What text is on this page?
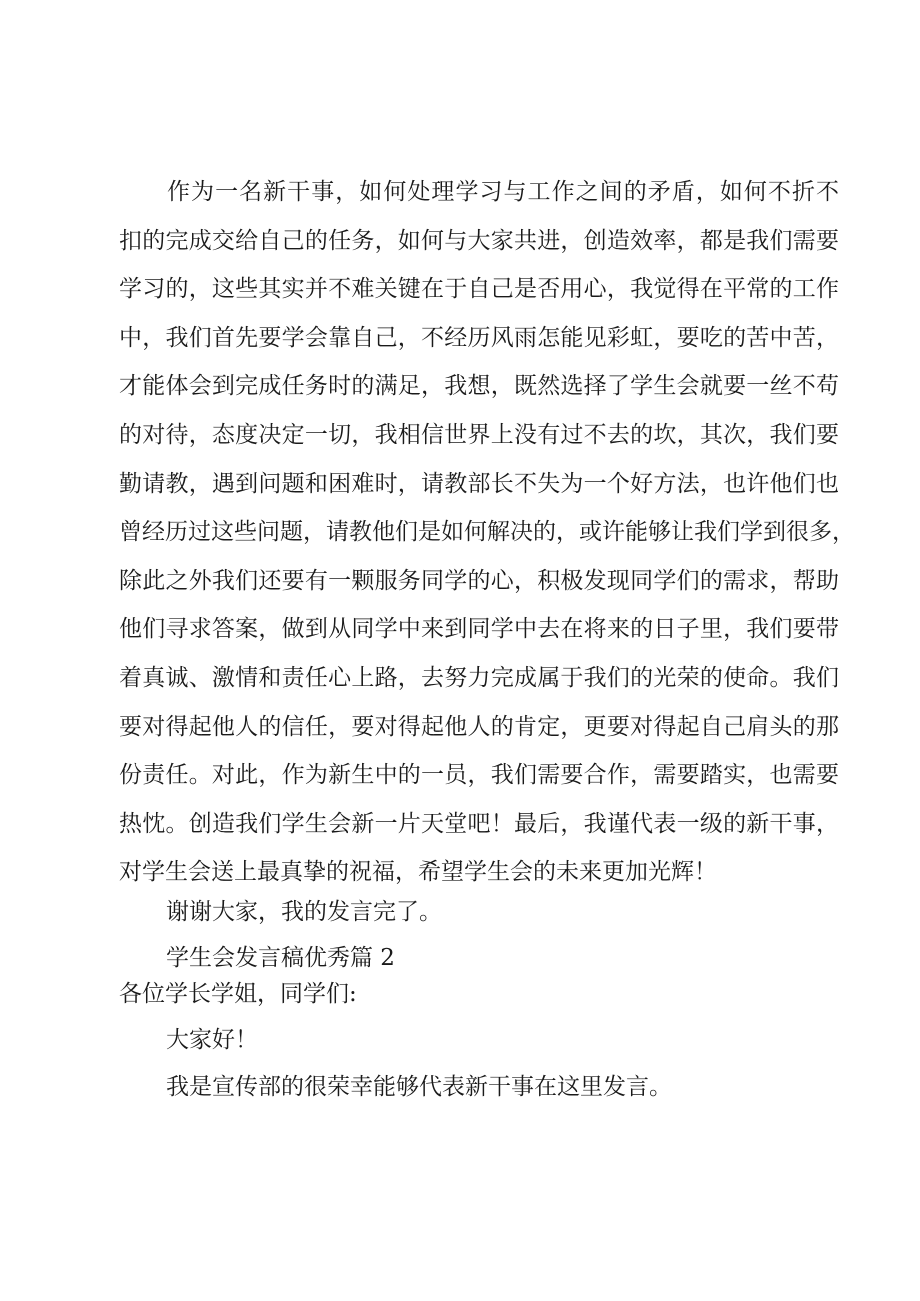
作为一名新干事，如何处理学习与工作之间的矛盾，如何不折不
扣的完成交给自己的任务，如何与大家共进，创造效率，都是我们需要
学习的，这些其实并不难关键在于自己是否用心，我觉得在平常的工作
中，我们首先要学会靠自己，不经历风雨怎能见彩虹，要吃的苦中苦，
才能体会到完成任务时的满足，我想，既然选择了学生会就要一丝不苟
的对待，态度决定一切，我相信世界上没有过不去的坎，其次，我们要
勤请教，遇到问题和困难时，请教部长不失为一个好方法，也许他们也
曾经历过这些问题，请教他们是如何解决的，或许能够让我们学到很多，
除此之外我们还要有一颗服务同学的心，积极发现同学们的需求，帮助
他们寻求答案，做到从同学中来到同学中去在将来的日子里，我们要带
着真诚、激情和责任心上路，去努力完成属于我们的光荣的使命。我们
要对得起他人的信任，要对得起他人的肯定，更要对得起自己肩头的那
份责任。对此，作为新生中的一员，我们需要合作，需要踏实，也需要
热忱。创造我们学生会新一片天堂吧！最后，我谨代表一级的新干事，
对学生会送上最真挚的祝福，希望学生会的未来更加光辉！

谢谢大家，我的发言完了。

学生会发言稿优秀篇 2

各位学长学姐，同学们:

大家好！

我是宣传部的很荣幸能够代表新干事在这里发言。
